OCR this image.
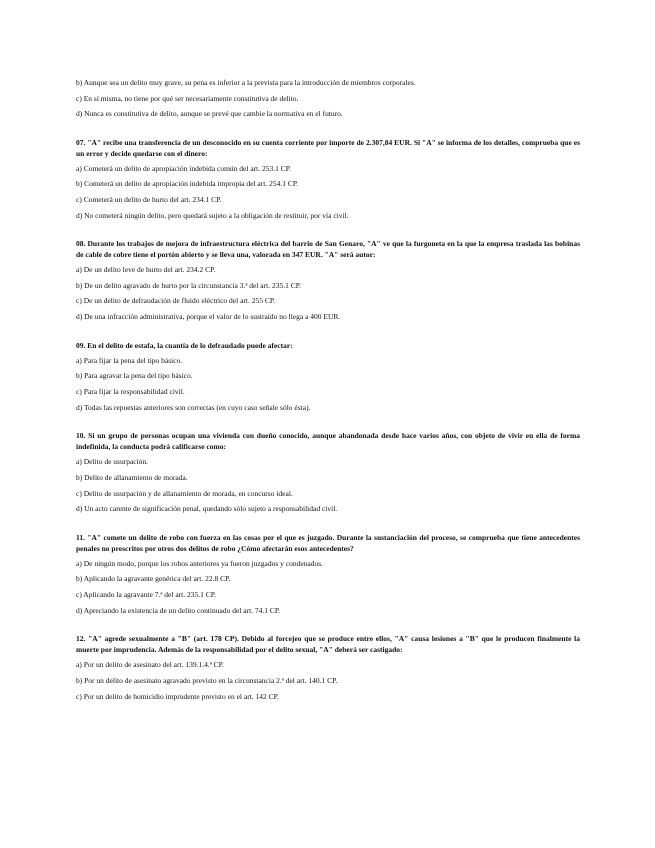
b) Aunque sea un delito muy grave, su pena es inferior a la prevista para la introducción de miembros corporales.

c) En sí misma, no tiene por qué ser necesariamente constitutiva de delito.

d) Nunca es constitutiva de delito, aunque se prevé que cambie la normativa en el futuro.

07. "A" recibe una transferencia de un desconocido en su cuenta corriente por importe de 2.307,84 EUR. Si "A" se informa de los detalles, comprueba que es un error y decide quedarse con el dinero:

a) Cometerá un delito de apropiación indebida común del art. 253.1 CP.

b) Cometerá un delito de apropiación indebida impropia del art. 254.1 CP.

c) Cometerá un delito de hurto del art. 234.1 CP.

d) No cometerá ningún delito, pero quedará sujeto a la obligación de restituir, por vía civil.

08. Durante los trabajos de mejora de infraestructura eléctrica del barrio de San Genaro, "A" ve que la furgoneta en la que la empresa traslada las bobinas de cable de cobre tiene el portón abierto y se lleva una, valorada en 347 EUR. "A" será autor:

a) De un delito leve de hurto del art. 234.2 CP.

b) De un delito agravado de hurto por la circunstancia 3.ª del art. 235.1 CP.

c) De un delito de defraudación de fluido eléctrico del art. 255 CP.

d) De una infracción administrativa, porque el valor de lo sustraído no llega a 400 EUR.

09. En el delito de estafa, la cuantía de lo defraudado puede afectar:

a) Para fijar la pena del tipo básico.

b) Para agravar la pena del tipo básico.

c) Para fijar la responsabilidad civil.

d) Todas las repuestas anteriores son correctas (en cuyo caso señale sólo ésta).

10. Si un grupo de personas ocupan una vivienda con dueño conocido, aunque abandonada desde hace varios años, con objeto de vivir en ella de forma indefinida, la conducta podrá calificarse como:

a) Delito de usurpación.

b) Delito de allanamiento de morada.

c) Delito de usurpación y de allanamiento de morada, en concurso ideal.

d) Un acto carente de significación penal, quedando sólo sujeto a responsabilidad civil.

11. "A" comete un delito de robo con fuerza en las cosas por el que es juzgado. Durante la sustanciación del proceso, se comprueba que tiene antecedentes penales no prescritos por otros dos delitos de robo ¿Cómo afectarán esos antecedentes?

a) De ningún modo, porque los robos anteriores ya fueron juzgados y condenados.

b) Aplicando la agravante genérica del art. 22.8 CP.

c) Aplicando la agravante 7.ª del art. 235.1 CP.

d) Apreciando la existencia de un delito continuado del art. 74.1 CP.

12. "A" agrede sexualmente a "B" (art. 178 CP). Debido al forcejeo que se produce entre ellos, "A" causa lesiones a "B" que le producen finalmente la muerte por imprudencia. Además de la responsabilidad por el delito sexual, "A" deberá ser castigado:

a) Por un delito de asesinato del art. 139.1.4.ª CP.

b) Por un delito de asesinato agravado previsto en la circunstancia 2.ª del art. 140.1 CP.

c) Por un delito de homicidio imprudente previsto en el art. 142 CP.
